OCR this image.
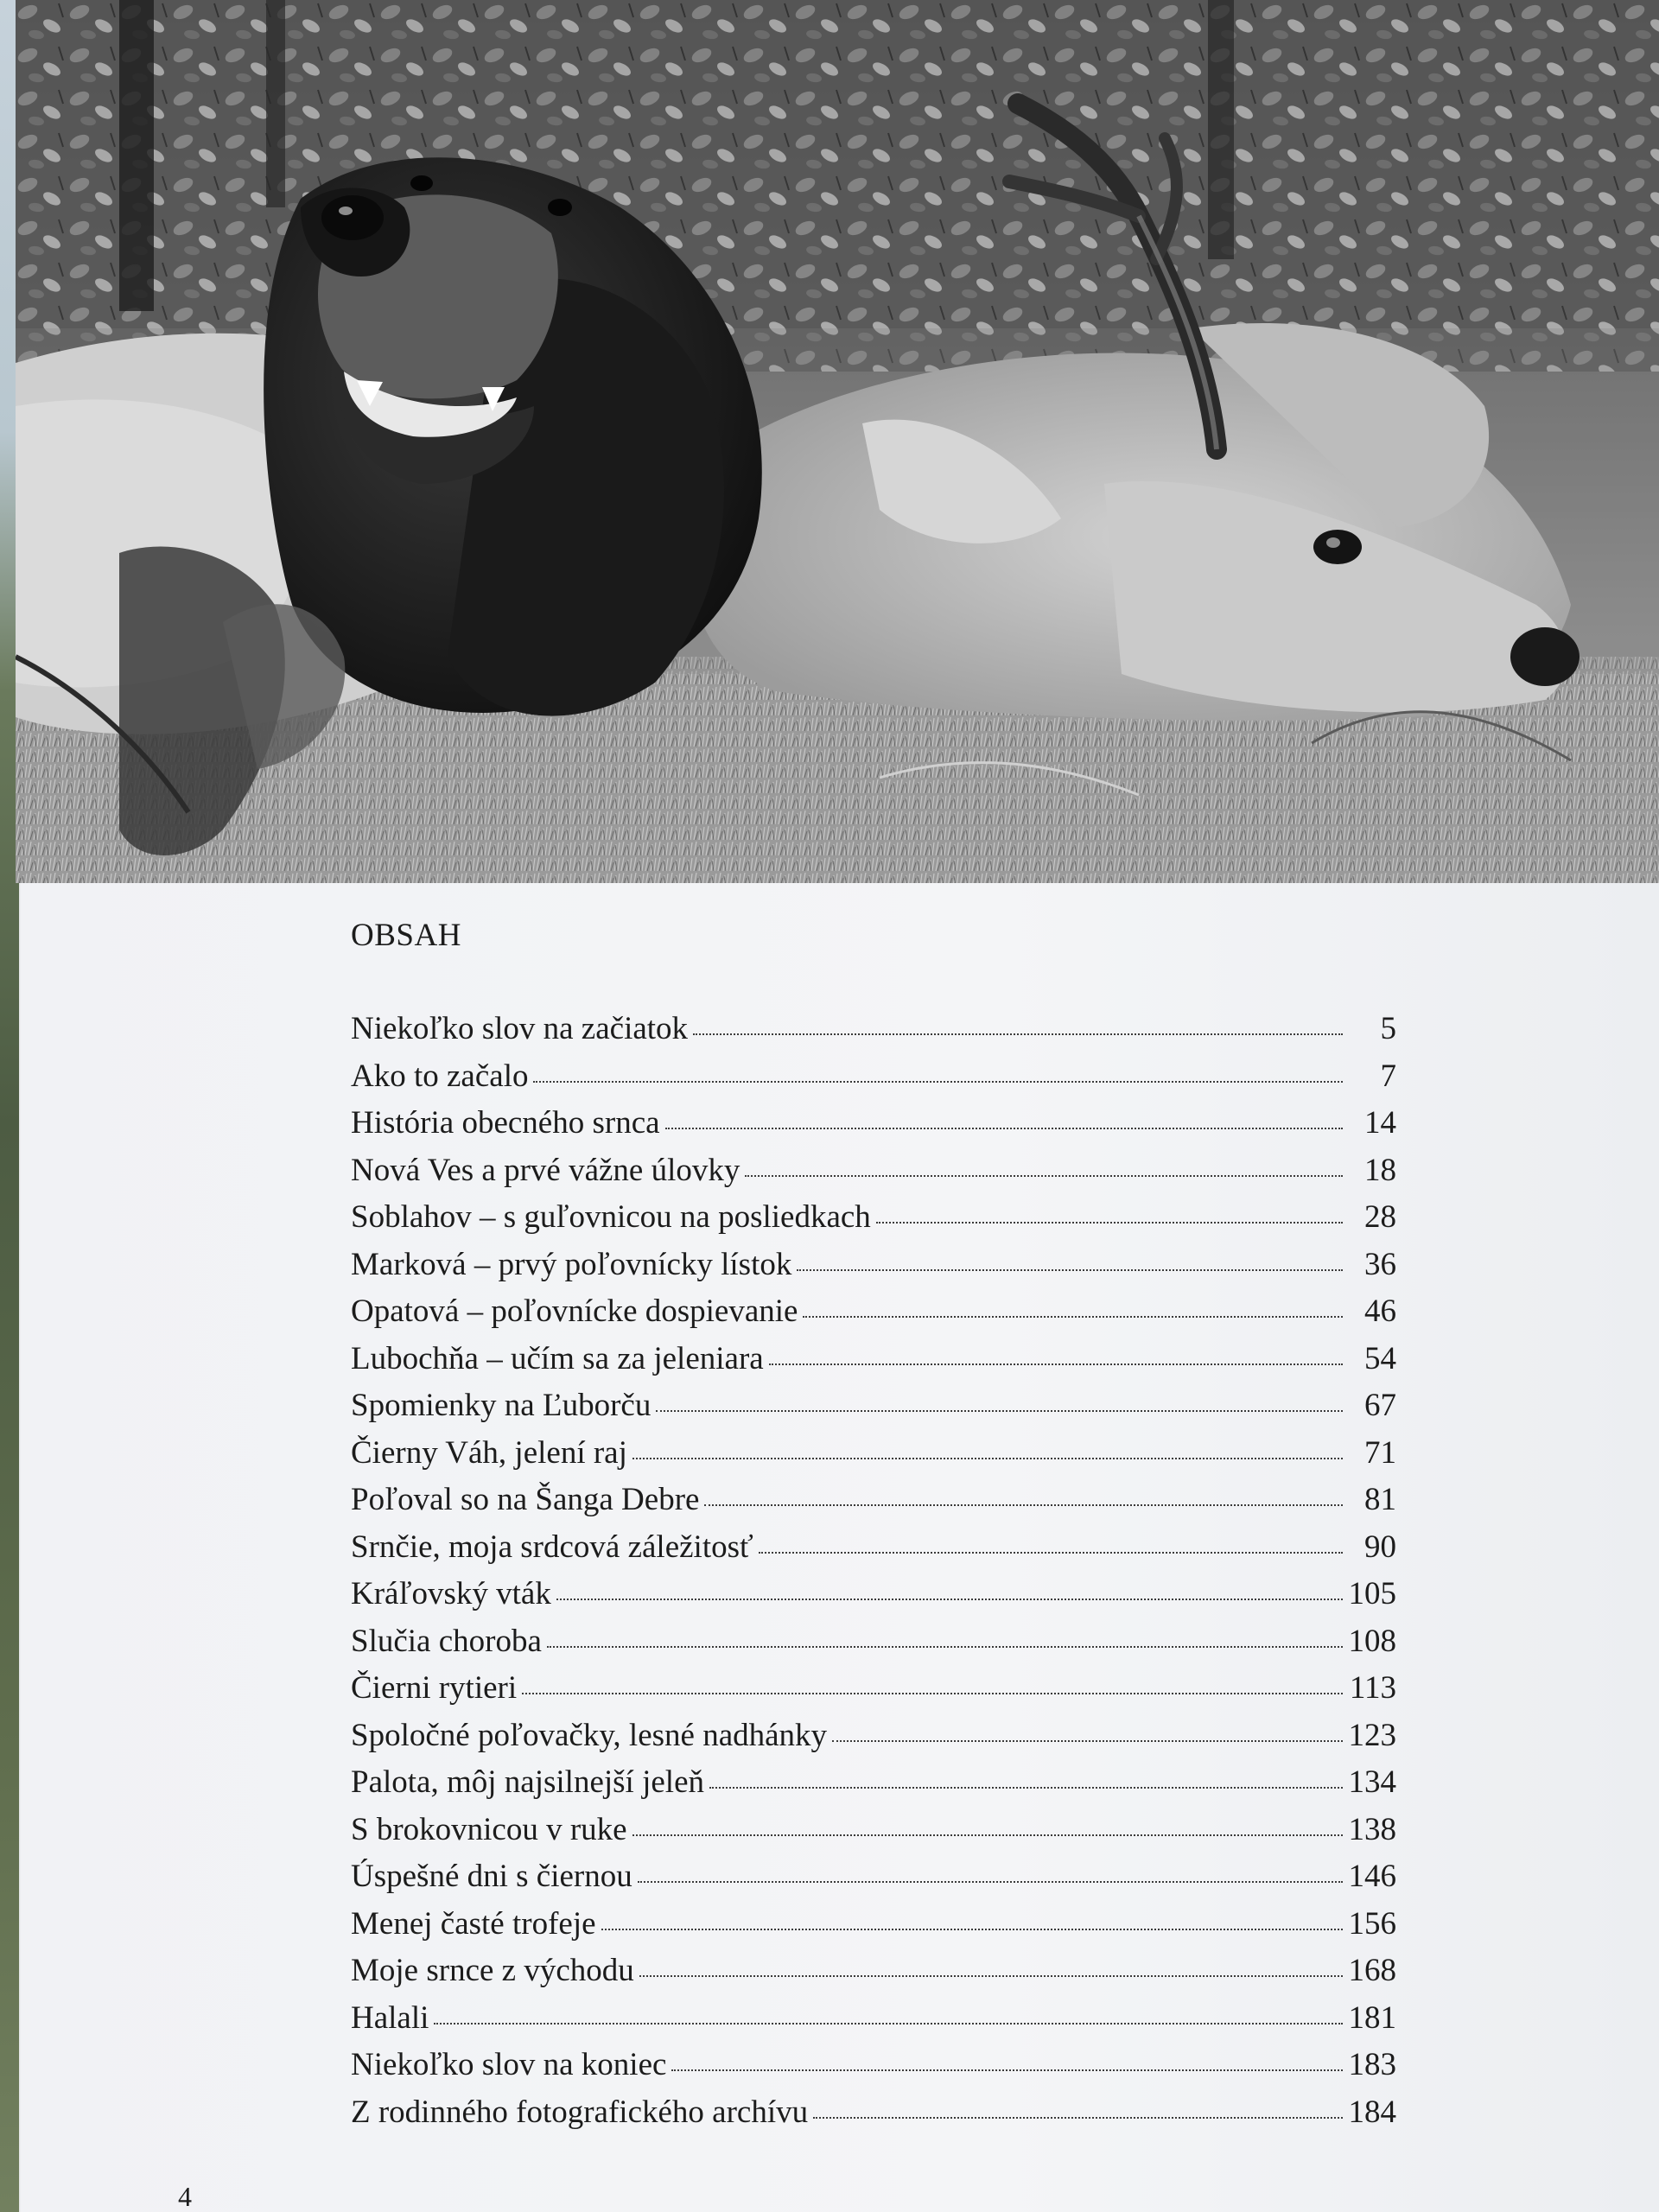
OBSAH
Niekoľko slov na začiatok	5
Ako to začalo	7
História obecného srnca	14
Nová Ves a prvé vážne úlovky	18
Soblahov – s guľovnicou na posliedkach	28
Marková – prvý poľovnícky lístok	36
Opatová – poľovnícke dospievanie	46
Lubochňa – učím sa za jeleniara	54
Spomienky na Ľuborču	67
Čierny Váh, jelení raj	71
Poľoval so na Šanga Debre	81
Srnčie, moja srdcová záležitosť	90
Kráľovský vták	105
Slučia choroba	108
Čierni rytieri	113
Spoločné poľovačky, lesné nadhánky	123
Palota, môj najsilnejší jeleň	134
S brokovnicou v ruke	138
Úspešné dni s čiernou	146
Menej časté trofeje	156
Moje srnce z východu	168
Halali	181
Niekoľko slov na koniec	183
Z rodinného fotografického archívu	184
4
